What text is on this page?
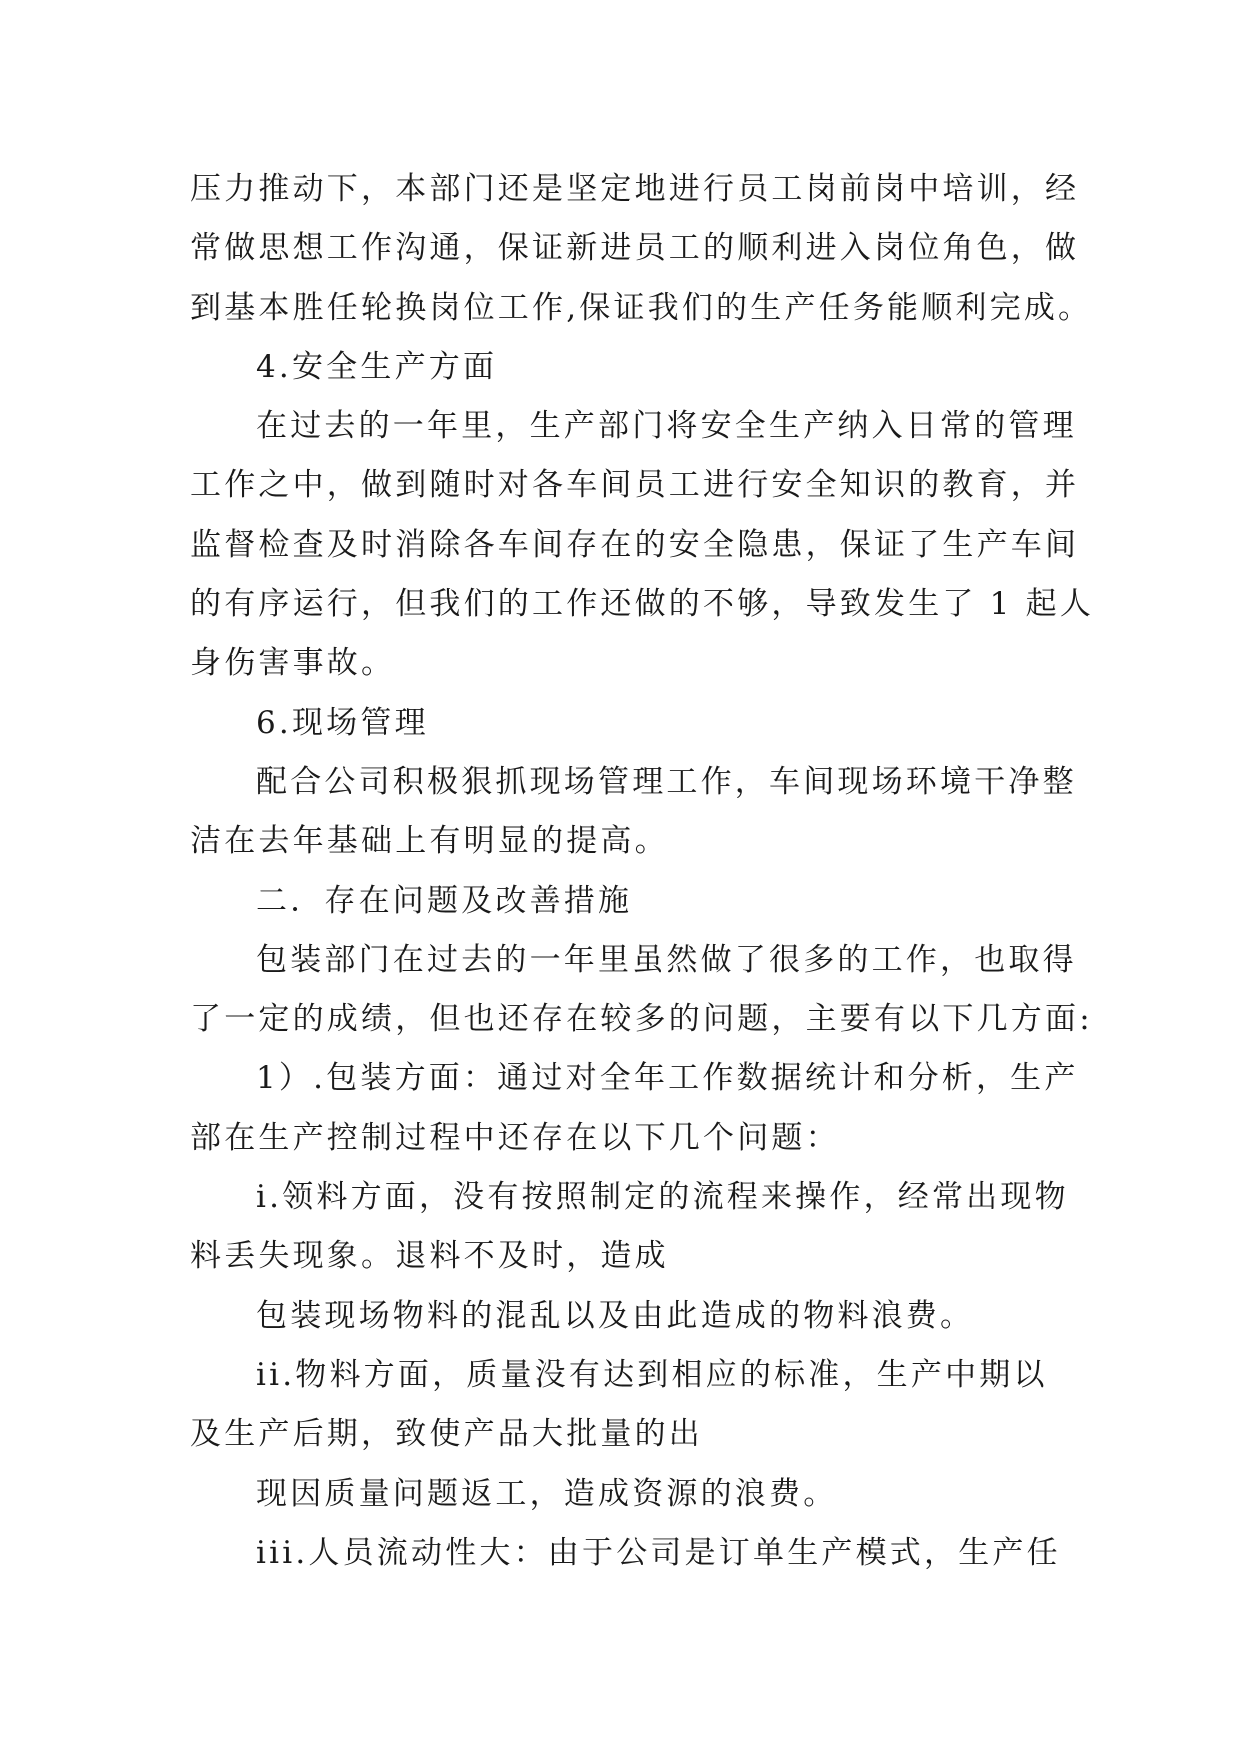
压力推动下，本部门还是坚定地进行员工岗前岗中培训，经
常做思想工作沟通，保证新进员工的顺利进入岗位角色，做
到基本胜任轮换岗位工作,保证我们的生产任务能顺利完成。
4.安全生产方面
在过去的一年里，生产部门将安全生产纳入日常的管理
工作之中，做到随时对各车间员工进行安全知识的教育，并
监督检查及时消除各车间存在的安全隐患，保证了生产车间
的有序运行，但我们的工作还做的不够，导致发生了 1 起人
身伤害事故。
6.现场管理
配合公司积极狠抓现场管理工作，车间现场环境干净整
洁在去年基础上有明显的提高。
二．存在问题及改善措施
包装部门在过去的一年里虽然做了很多的工作，也取得
了一定的成绩，但也还存在较多的问题，主要有以下几方面:
1）.包装方面：通过对全年工作数据统计和分析，生产
部在生产控制过程中还存在以下几个问题：
i.领料方面，没有按照制定的流程来操作，经常出现物
料丢失现象。退料不及时，造成
包装现场物料的混乱以及由此造成的物料浪费。
ii.物料方面，质量没有达到相应的标准，生产中期以
及生产后期，致使产品大批量的出
现因质量问题返工，造成资源的浪费。
iii.人员流动性大：由于公司是订单生产模式，生产任
